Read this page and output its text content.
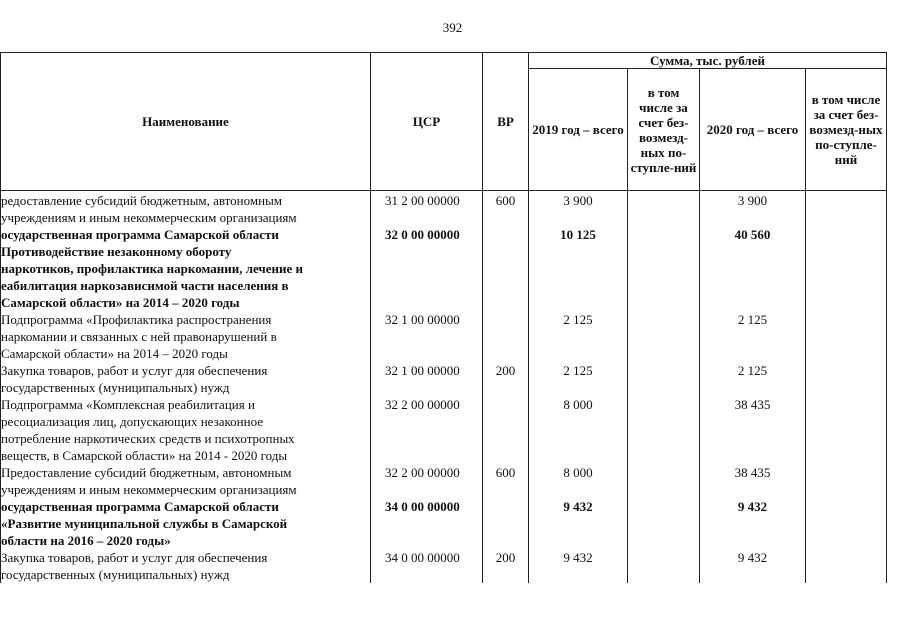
392
Наименование	ЦСР	ВР	Сумма, тыс. рублей			
			2019 год – всего	в том числе за счет без-возмезд-ных по-ступле-ний	2020 год – всего	в том числе за счет без-возмезд-ных по-ступле-ний

редоставление субсидий бюджетным, автономным
учреждениям и иным некоммерческим организациям	31 2 00 00000	600	3 900		3 900	

осударственная программа Самарской области
Противодействие незаконному обороту
наркотиков, профилактика наркомании, лечение и
еабилитация наркозависимой части населения в
Самарской области» на 2014 – 2020 годы	32 0 00 00000		10 125		40 560	

Подпрограмма «Профилактика распространения
наркомании и связанных с ней правонарушений в
Самарской области» на 2014 – 2020 годы	32 1 00 00000		2 125		2 125	

Закупка товаров, работ и услуг для обеспечения
государственных (муниципальных) нужд	32 1 00 00000	200	2 125		2 125	

Подпрограмма «Комплексная реабилитация и
ресоциализация лиц, допускающих незаконное
потребление наркотических средств и психотропных
веществ, в Самарской области» на 2014 - 2020 годы	32 2 00 00000		8 000		38 435	

Предоставление субсидий бюджетным, автономным
учреждениям и иным некоммерческим организациям	32 2 00 00000	600	8 000		38 435	

осударственная программа Самарской области
«Развитие муниципальной службы в Самарской
области на 2016 – 2020 годы»	34 0 00 00000		9 432		9 432	

Закупка товаров, работ и услуг для обеспечения
государственных (муниципальных) нужд	34 0 00 00000	200	9 432		9 432	
